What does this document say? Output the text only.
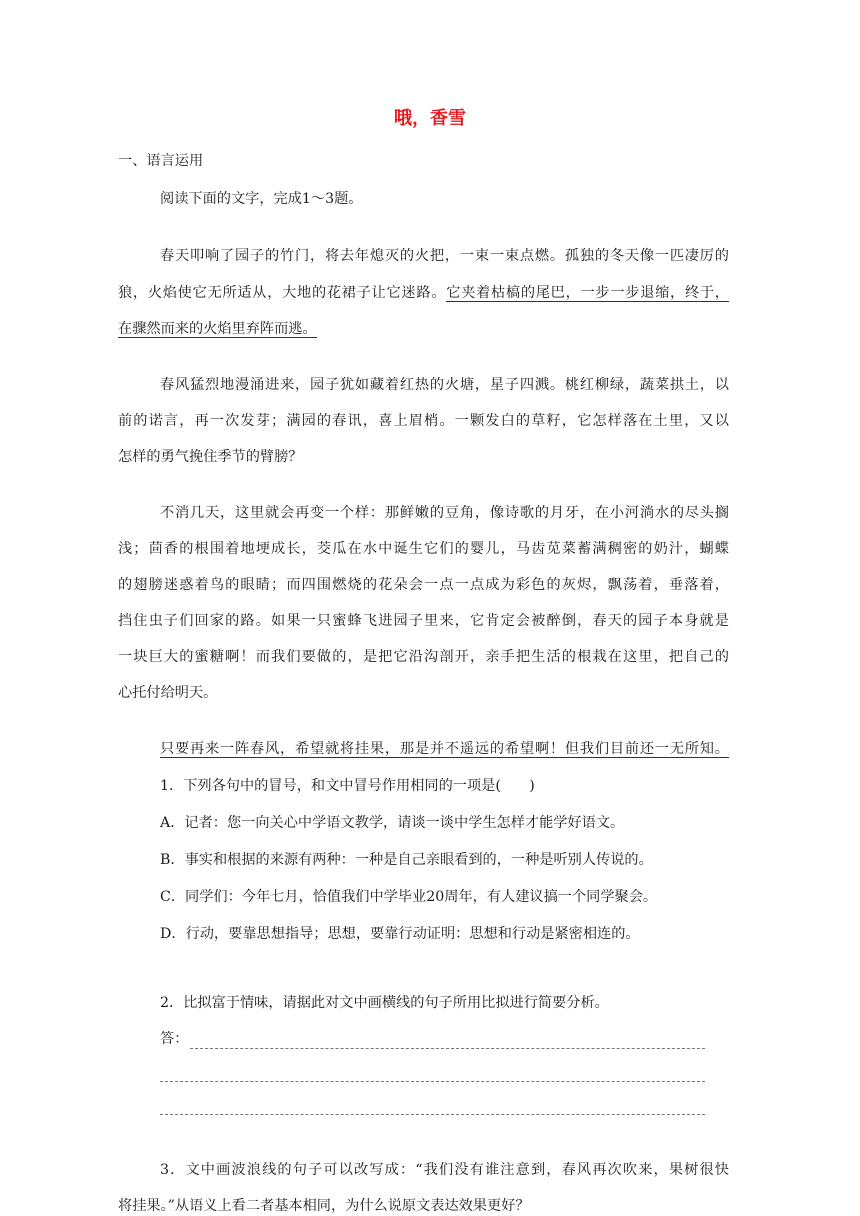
哦，香雪
一、语言运用
阅读下面的文字，完成1～3题。
春天叩响了园子的竹门，将去年熄灭的火把，一束一束点燃。孤独的冬天像一匹凄厉的
狼，火焰使它无所适从，大地的花裙子让它迷路。它夹着枯槁的尾巴，一步一步退缩，终于，
在骤然而来的火焰里弃阵而逃。
春风猛烈地漫涌进来，园子犹如藏着红热的火塘，星子四溅。桃红柳绿，蔬菜拱土，以
前的诺言，再一次发芽；满园的春讯，喜上眉梢。一颗发白的草籽，它怎样落在土里，又以
怎样的勇气挽住季节的臂膀？
不消几天，这里就会再变一个样：那鲜嫩的豆角，像诗歌的月牙，在小河淌水的尽头搁
浅；茴香的根围着地埂成长，茭瓜在水中诞生它们的婴儿，马齿苋菜蓄满稠密的奶汁，蝴蝶
的翅膀迷惑着鸟的眼睛；而四围燃烧的花朵会一点一点成为彩色的灰烬，飘荡着，垂落着，
挡住虫子们回家的路。如果一只蜜蜂飞进园子里来，它肯定会被醉倒，春天的园子本身就是
一块巨大的蜜糖啊！而我们要做的，是把它沿沟剖开，亲手把生活的根栽在这里，把自己的
心托付给明天。
只要再来一阵春风，希望就将挂果，那是并不遥远的希望啊！但我们目前还一无所知。
1．下列各句中的冒号，和文中冒号作用相同的一项是(　　)
A．记者：您一向关心中学语文教学，请谈一谈中学生怎样才能学好语文。
B．事实和根据的来源有两种：一种是自己亲眼看到的，一种是听别人传说的。
C．同学们：今年七月，恰值我们中学毕业20周年，有人建议搞一个同学聚会。
D．行动，要靠思想指导；思想，要靠行动证明：思想和行动是紧密相连的。
2．比拟富于情味，请据此对文中画横线的句子所用比拟进行简要分析。
答：
3．文中画波浪线的句子可以改写成：“我们没有谁注意到，春风再次吹来，果树很快
将挂果。”从语义上看二者基本相同，为什么说原文表达效果更好？
